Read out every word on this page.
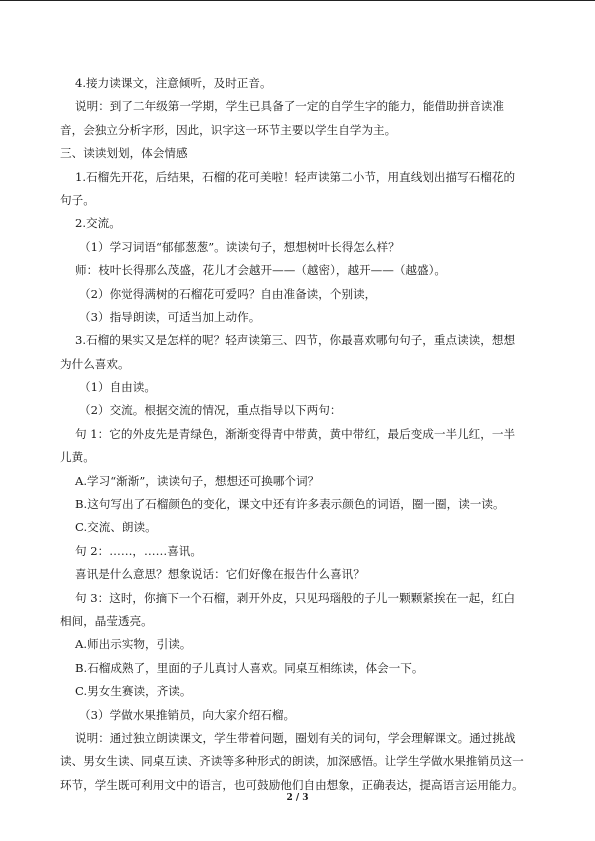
4.接力读课文，注意倾听，及时正音。
说明：到了二年级第一学期，学生已具备了一定的自学生字的能力，能借助拼音读准
音，会独立分析字形，因此，识字这一环节主要以学生自学为主。
三、读读划划，体会情感
1.石榴先开花，后结果，石榴的花可美啦！轻声读第二小节，用直线划出描写石榴花的
句子。
2.交流。
（1）学习词语“郁郁葱葱”。读读句子，想想树叶长得怎么样？
师：枝叶长得那么茂盛，花儿才会越开——（越密），越开——（越盛）。
（2）你觉得满树的石榴花可爱吗？自由准备读，个别读，
（3）指导朗读，可适当加上动作。
3.石榴的果实又是怎样的呢？轻声读第三、四节，你最喜欢哪句句子，重点读读，想想
为什么喜欢。
（1）自由读。
（2）交流。根据交流的情况，重点指导以下两句：
句 1：它的外皮先是青绿色，渐渐变得青中带黄，黄中带红，最后变成一半儿红，一半
儿黄。
A.学习“渐渐”，读读句子，想想还可换哪个词？
B.这句写出了石榴颜色的变化，课文中还有许多表示颜色的词语，圈一圈，读一读。
C.交流、朗读。
句 2：……，……喜讯。
喜讯是什么意思？想象说话：它们好像在报告什么喜讯？
句 3：这时，你摘下一个石榴，剥开外皮，只见玛瑙般的子儿一颗颗紧挨在一起，红白
相间，晶莹透亮。
A.师出示实物，引读。
B.石榴成熟了，里面的子儿真讨人喜欢。同桌互相练读，体会一下。
C.男女生赛读，齐读。
（3）学做水果推销员，向大家介绍石榴。
说明：通过独立朗读课文，学生带着问题，圈划有关的词句，学会理解课文。通过挑战
读、男女生读、同桌互读、齐读等多种形式的朗读，加深感悟。让学生学做水果推销员这一
环节，学生既可利用文中的语言，也可鼓励他们自由想象，正确表达，提高语言运用能力。
2 / 3
